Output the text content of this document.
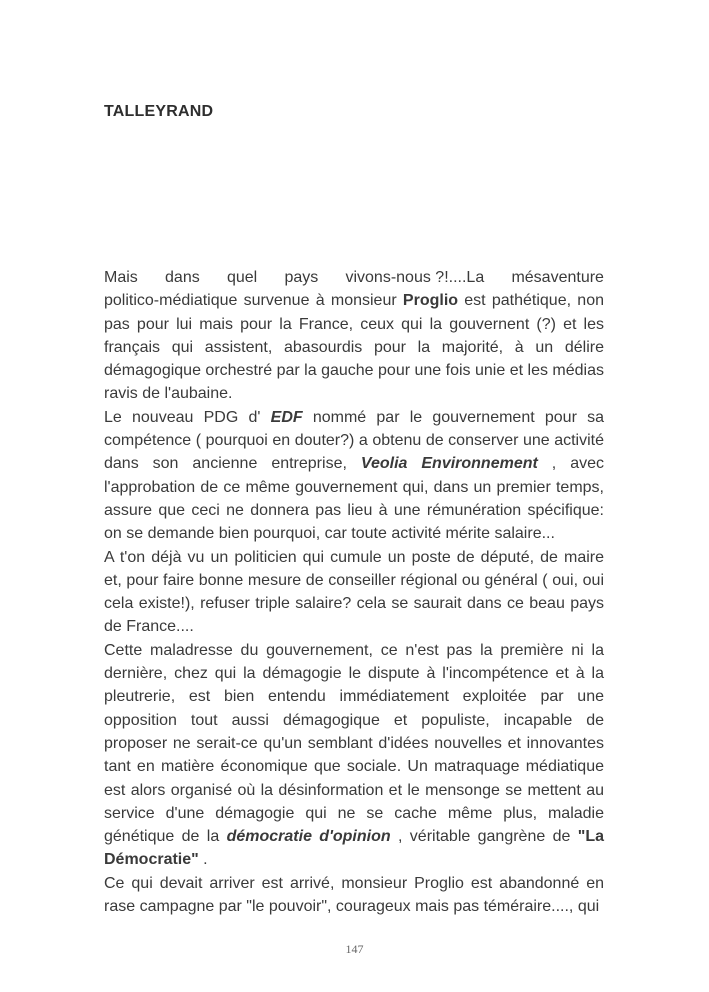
TALLEYRAND

Mais dans quel pays vivons-nous ?!....La mésaventure
politico-médiatique survenue à monsieur Proglio est pathétique, non pas pour lui mais pour la France, ceux qui la gouvernent (?) et les français qui assistent, abasourdis pour la majorité, à un délire démagogique orchestré par la gauche pour une fois unie et les médias ravis de l'aubaine.

Le nouveau PDG d' EDF nommé par le gouvernement pour sa compétence ( pourquoi en douter?) a obtenu de conserver une activité dans son ancienne entreprise, Veolia Environnement , avec l'approbation de ce même gouvernement qui, dans un premier temps, assure que ceci ne donnera pas lieu à une rémunération spécifique: on se demande bien pourquoi, car toute activité mérite salaire...

A t'on déjà vu un politicien qui cumule un poste de député, de maire et, pour faire bonne mesure de conseiller régional ou général ( oui, oui cela existe!), refuser triple salaire? cela se saurait dans ce beau pays de France....

Cette maladresse du gouvernement, ce n'est pas la première ni la dernière, chez qui la démagogie le dispute à l'incompétence et à la pleutrerie, est bien entendu immédiatement exploitée par une opposition tout aussi démagogique et populiste, incapable de proposer ne serait-ce qu'un semblant d'idées nouvelles et innovantes tant en matière économique que sociale. Un matraquage médiatique est alors organisé où la désinformation et le mensonge se mettent au service d'une démagogie qui ne se cache même plus, maladie génétique de la démocratie d'opinion , véritable gangrène de "La Démocratie" .

Ce qui devait arriver est arrivé, monsieur Proglio est abandonné en rase campagne par "le pouvoir", courageux mais pas téméraire...., qui

147
